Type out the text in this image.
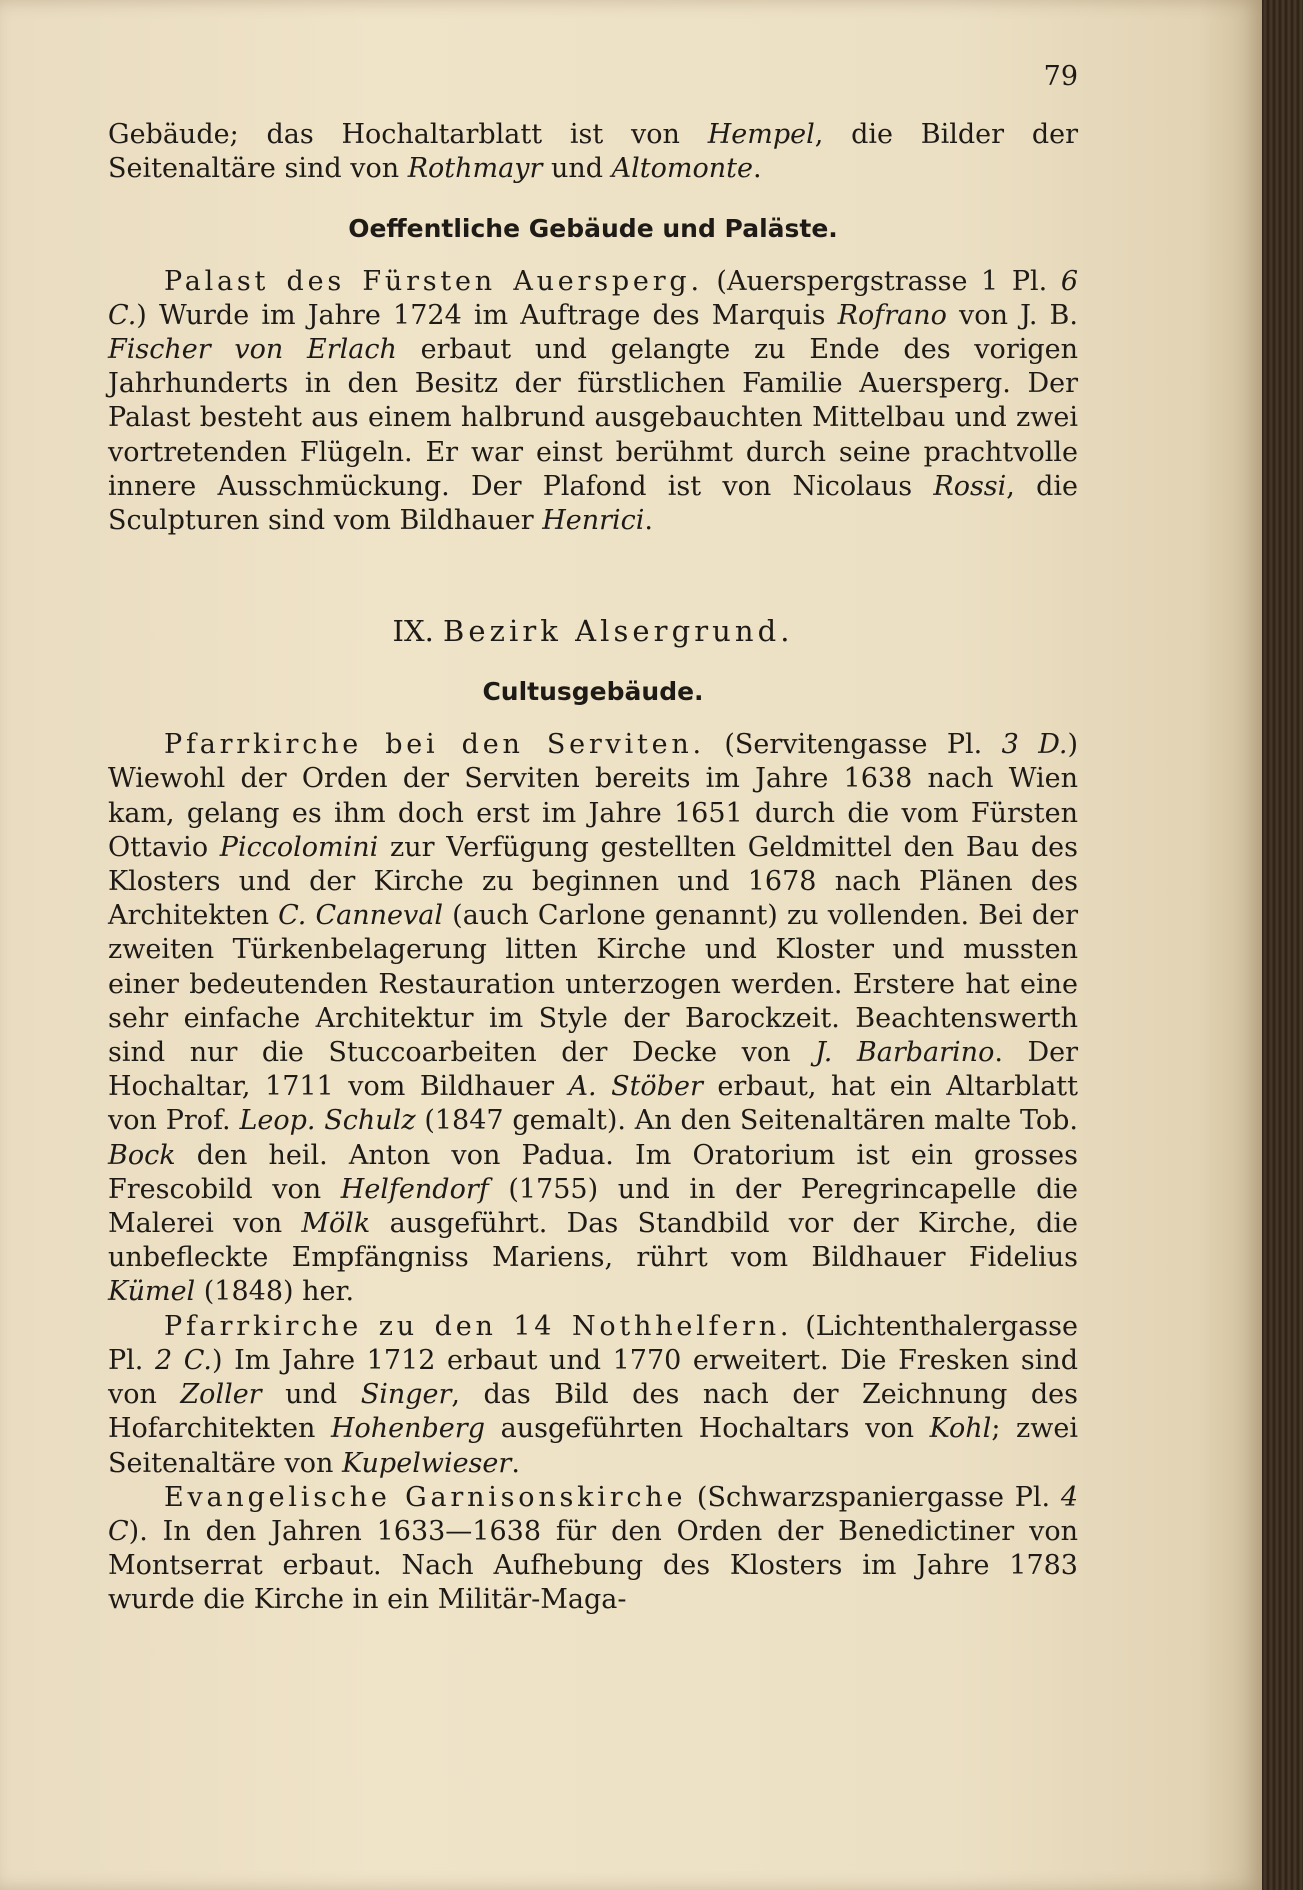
79

Gebäude; das Hochaltarblatt ist von Hempel, die Bilder der Seitenaltäre sind von Rothmayr und Altomonte.

Oeffentliche Gebäude und Paläste.

Palast des Fürsten Auersperg. (Auerspergstrasse 1 Pl. 6 C.) Wurde im Jahre 1724 im Auftrage des Marquis Rofrano von J. B. Fischer von Erlach erbaut und gelangte zu Ende des vorigen Jahrhunderts in den Besitz der fürstlichen Familie Auersperg. Der Palast besteht aus einem halbrund ausgebauchten Mittelbau und zwei vortretenden Flügeln. Er war einst berühmt durch seine prachtvolle innere Ausschmückung. Der Plafond ist von Nicolaus Rossi, die Sculpturen sind vom Bildhauer Henrici.

IX. Bezirk Alsergrund.
Cultusgebäude.

Pfarrkirche bei den Serviten. (Servitengasse Pl. 3 D.) Wiewohl der Orden der Serviten bereits im Jahre 1638 nach Wien kam, gelang es ihm doch erst im Jahre 1651 durch die vom Fürsten Ottavio Piccolomini zur Verfügung gestellten Geldmittel den Bau des Klosters und der Kirche zu beginnen und 1678 nach Plänen des Architekten C. Canneval (auch Carlone genannt) zu vollenden. Bei der zweiten Türkenbelagerung litten Kirche und Kloster und mussten einer bedeutenden Restauration unterzogen werden. Erstere hat eine sehr einfache Architektur im Style der Barockzeit. Beachtenswerth sind nur die Stuccoarbeiten der Decke von J. Barbarino. Der Hochaltar, 1711 vom Bildhauer A. Stöber erbaut, hat ein Altarblatt von Prof. Leop. Schulz (1847 gemalt). An den Seitenaltären malte Tob. Bock den heil. Anton von Padua. Im Oratorium ist ein grosses Frescobild von Helfendorf (1755) und in der Peregrincapelle die Malerei von Mölk ausgeführt. Das Standbild vor der Kirche, die unbefleckte Empfängniss Mariens, rührt vom Bildhauer Fidelius Kümel (1848) her.

Pfarrkirche zu den 14 Nothhelfern. (Lichtenthalergasse Pl. 2 C.) Im Jahre 1712 erbaut und 1770 erweitert. Die Fresken sind von Zoller und Singer, das Bild des nach der Zeichnung des Hofarchitekten Hohenberg ausgeführten Hochaltars von Kohl; zwei Seitenaltäre von Kupelwieser.

Evangelische Garnisonskirche (Schwarzspaniergasse Pl. 4 C). In den Jahren 1633—1638 für den Orden der Benedictiner von Montserrat erbaut. Nach Aufhebung des Klosters im Jahre 1783 wurde die Kirche in ein Militär-Maga-
